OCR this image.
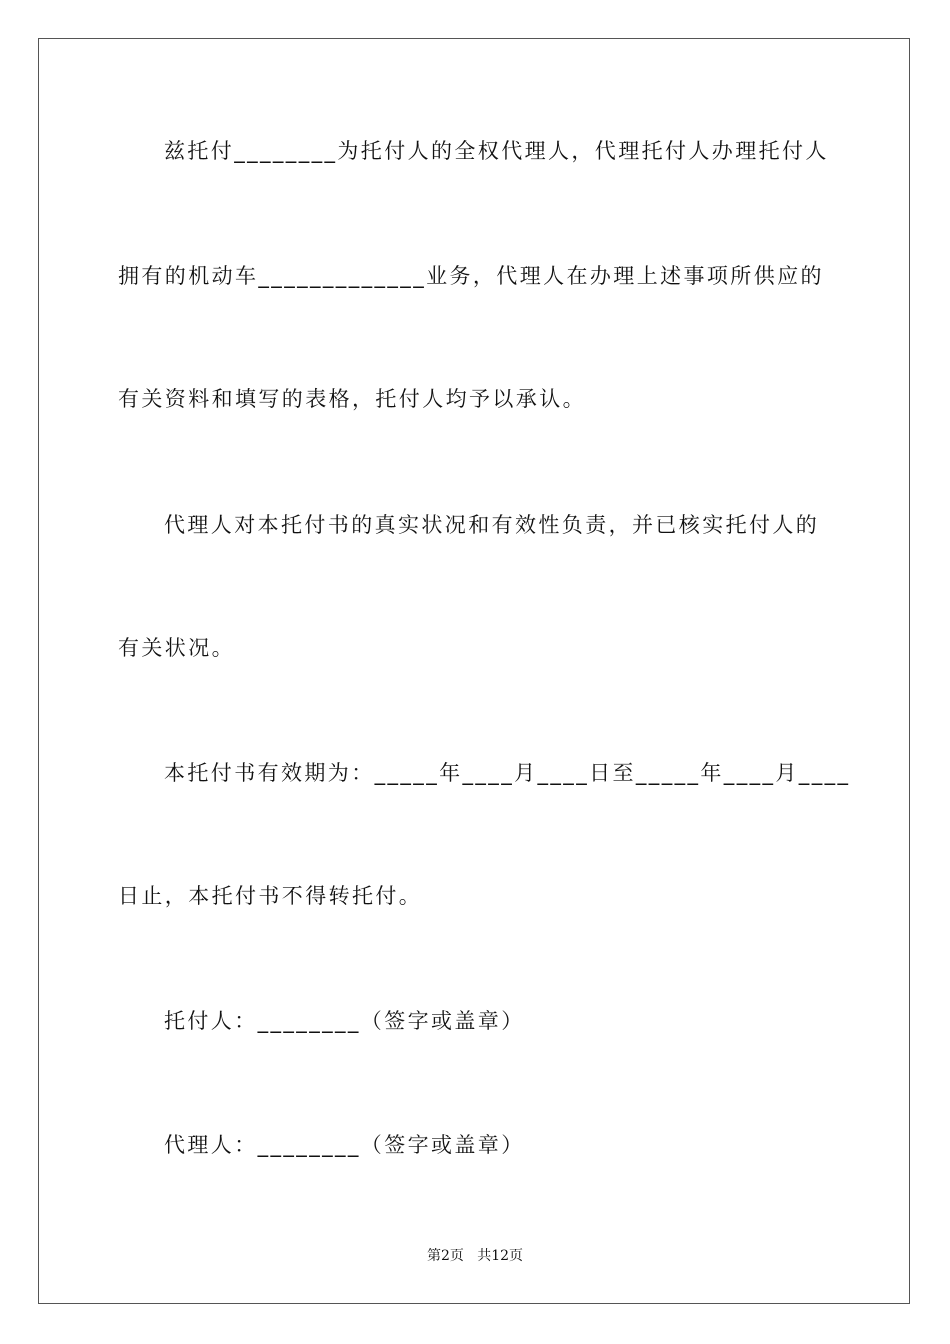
兹托付________为托付人的全权代理人，代理托付人办理托付人
拥有的机动车_____________业务，代理人在办理上述事项所供应的
有关资料和填写的表格，托付人均予以承认。
代理人对本托付书的真实状况和有效性负责，并已核实托付人的
有关状况。
本托付书有效期为：_____年____月____日至_____年____月____
日止，本托付书不得转托付。
托付人：________（签字或盖章）
代理人：________（签字或盖章）
第2页   共12页
